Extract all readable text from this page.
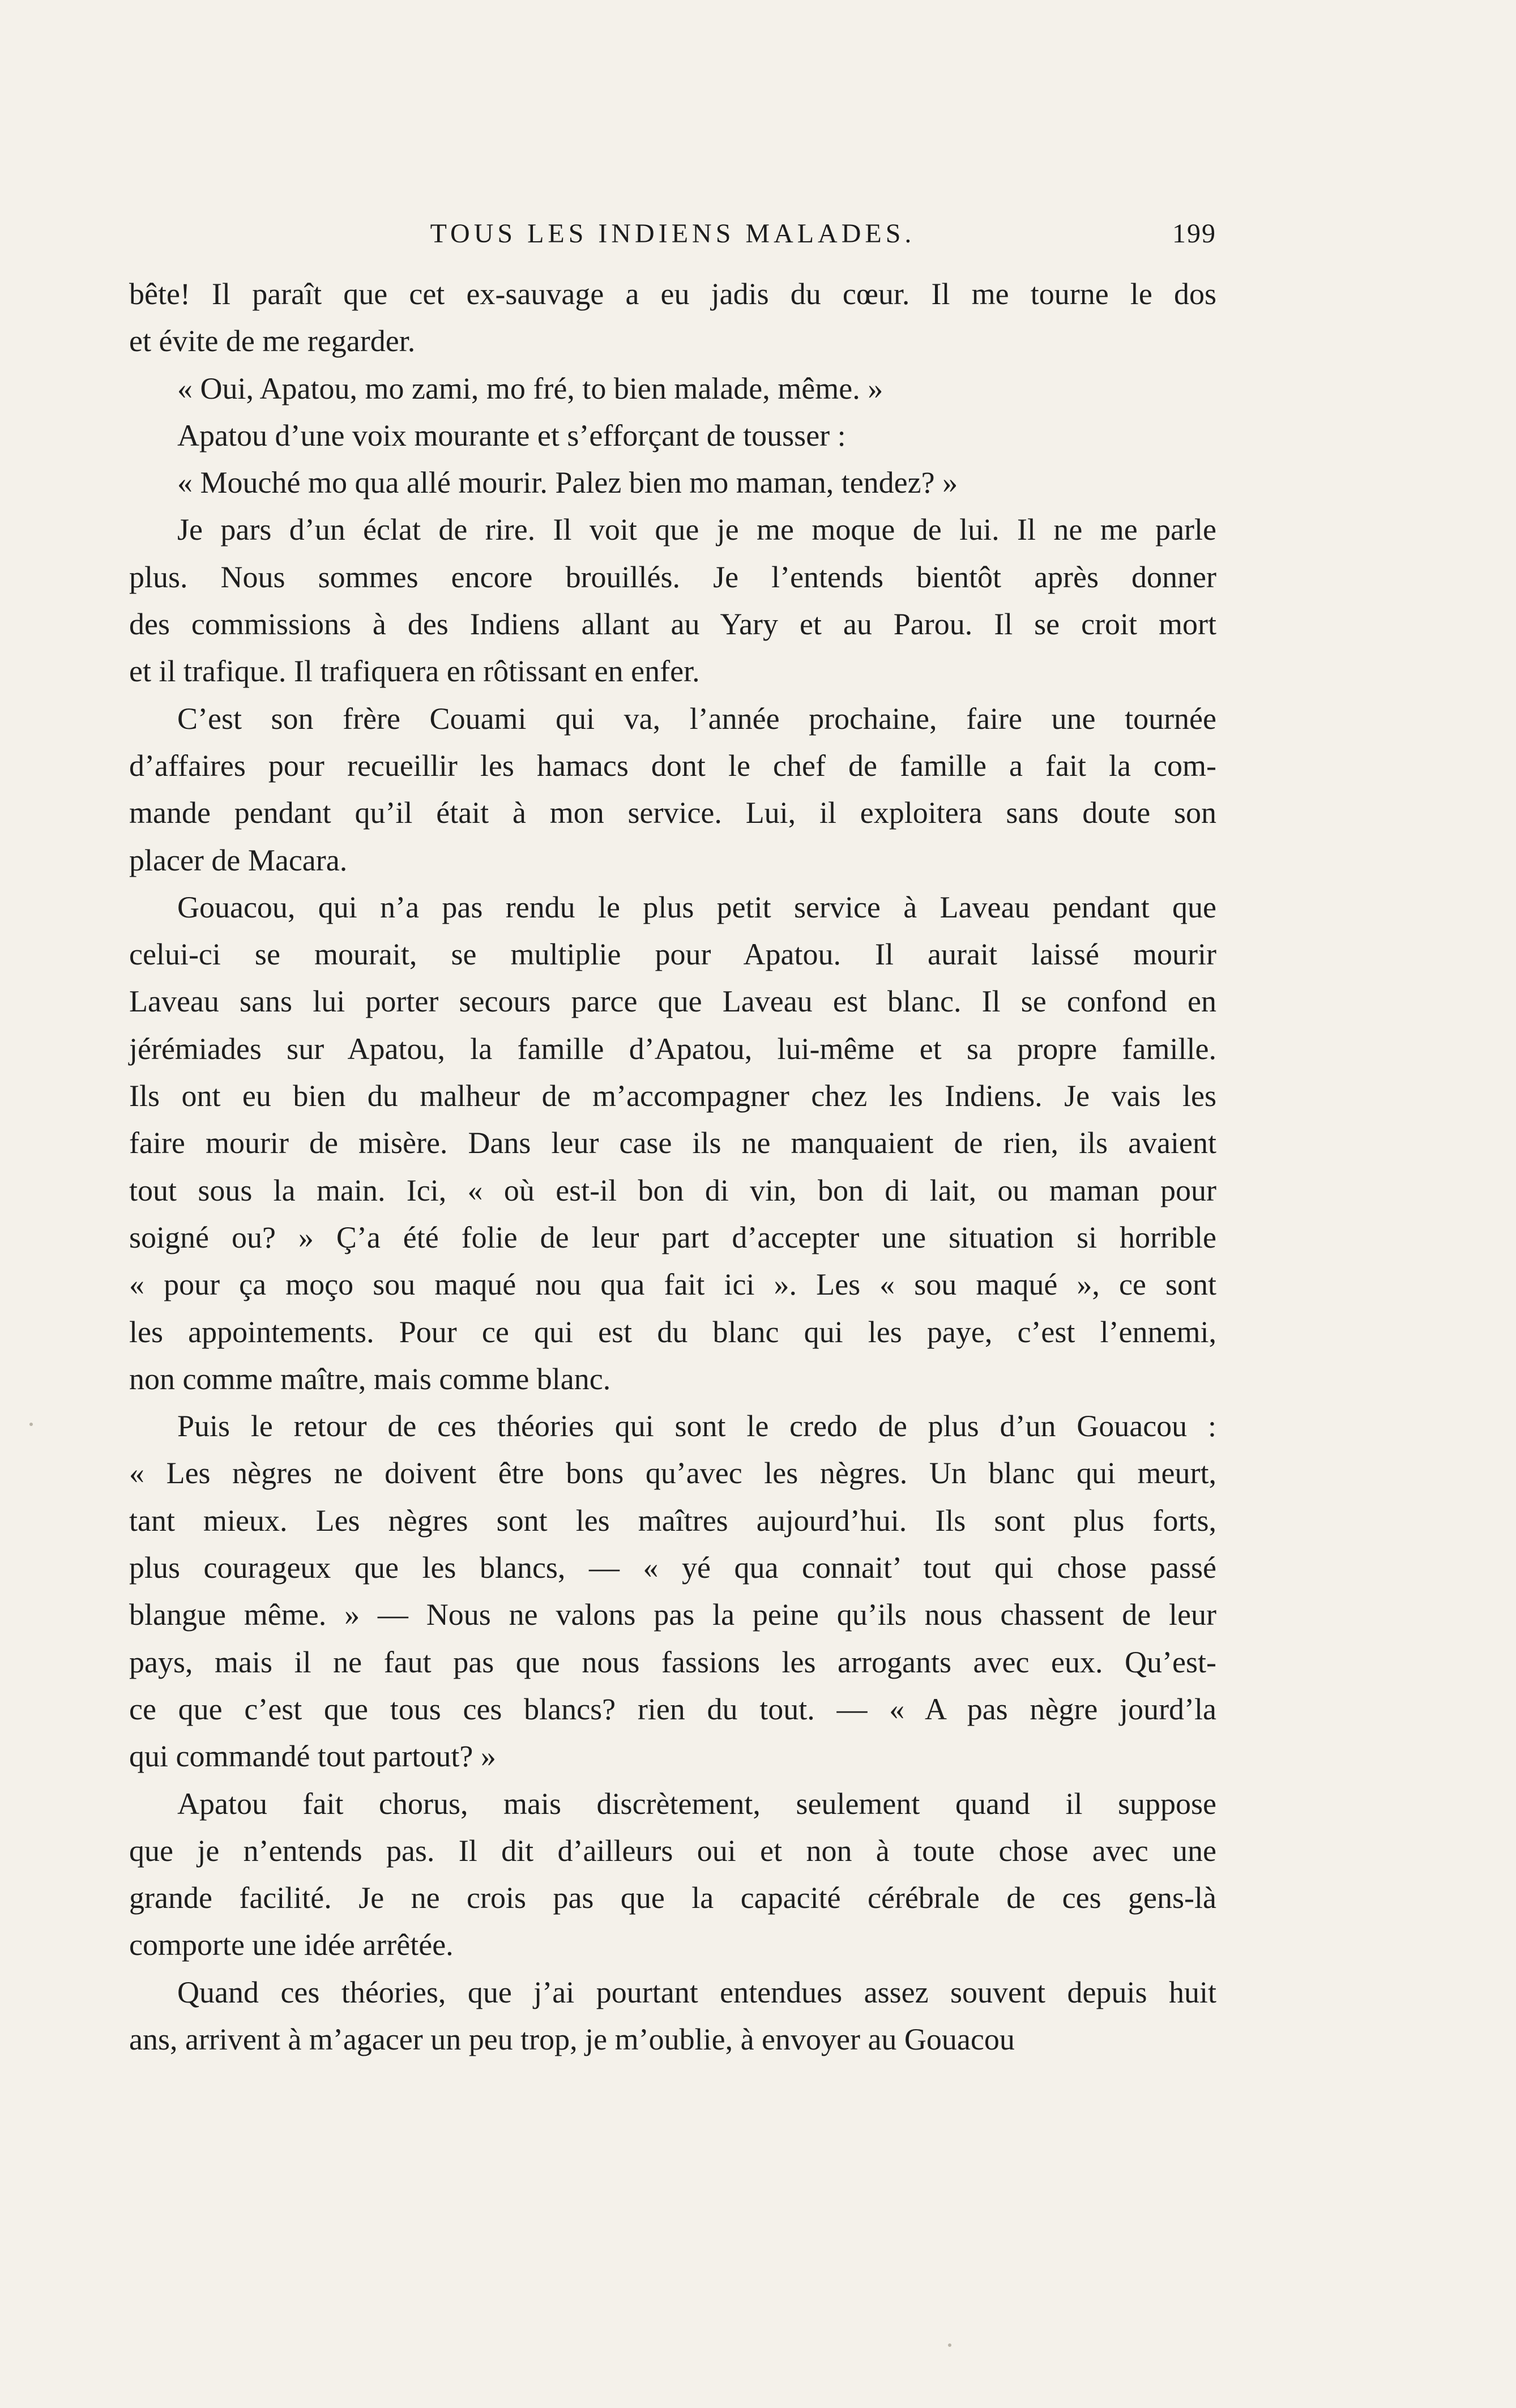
TOUS LES INDIENS MALADES.	199

bête! Il paraît que cet ex-sauvage a eu jadis du cœur. Il me tourne le dos
et évite de me regarder.

« Oui, Apatou, mo zami, mo fré, to bien malade, même. »

Apatou d’une voix mourante et s’efforçant de tousser :

« Mouché mo qua allé mourir. Palez bien mo maman, tendez? »

Je pars d’un éclat de rire. Il voit que je me moque de lui. Il ne me parle
plus. Nous sommes encore brouillés. Je l’entends bientôt après donner
des commissions à des Indiens allant au Yary et au Parou. Il se croit mort
et il trafique. Il trafiquera en rôtissant en enfer.

C’est son frère Couami qui va, l’année prochaine, faire une tournée
d’affaires pour recueillir les hamacs dont le chef de famille a fait la com-
mande pendant qu’il était à mon service. Lui, il exploitera sans doute son
placer de Macara.

Gouacou, qui n’a pas rendu le plus petit service à Laveau pendant que
celui-ci se mourait, se multiplie pour Apatou. Il aurait laissé mourir
Laveau sans lui porter secours parce que Laveau est blanc. Il se confond en
jérémiades sur Apatou, la famille d’Apatou, lui-même et sa propre famille.
Ils ont eu bien du malheur de m’accompagner chez les Indiens. Je vais les
faire mourir de misère. Dans leur case ils ne manquaient de rien, ils avaient
tout sous la main. Ici, « où est-il bon di vin, bon di lait, ou maman pour
soigné ou? » Ç’a été folie de leur part d’accepter une situation si horrible
« pour ça moço sou maqué nou qua fait ici ». Les « sou maqué », ce sont
les appointements. Pour ce qui est du blanc qui les paye, c’est l’ennemi,
non comme maître, mais comme blanc.

Puis le retour de ces théories qui sont le credo de plus d’un Gouacou :
« Les nègres ne doivent être bons qu’avec les nègres. Un blanc qui meurt,
tant mieux. Les nègres sont les maîtres aujourd’hui. Ils sont plus forts,
plus courageux que les blancs, — « yé qua connait’ tout qui chose passé
blangue même. » — Nous ne valons pas la peine qu’ils nous chassent de leur
pays, mais il ne faut pas que nous fassions les arrogants avec eux. Qu’est-
ce que c’est que tous ces blancs? rien du tout. — « A pas nègre jourd’la
qui commandé tout partout? »

Apatou fait chorus, mais discrètement, seulement quand il suppose
que je n’entends pas. Il dit d’ailleurs oui et non à toute chose avec une
grande facilité. Je ne crois pas que la capacité cérébrale de ces gens-là
comporte une idée arrêtée.

Quand ces théories, que j’ai pourtant entendues assez souvent depuis huit
ans, arrivent à m’agacer un peu trop, je m’oublie, à envoyer au Gouacou
